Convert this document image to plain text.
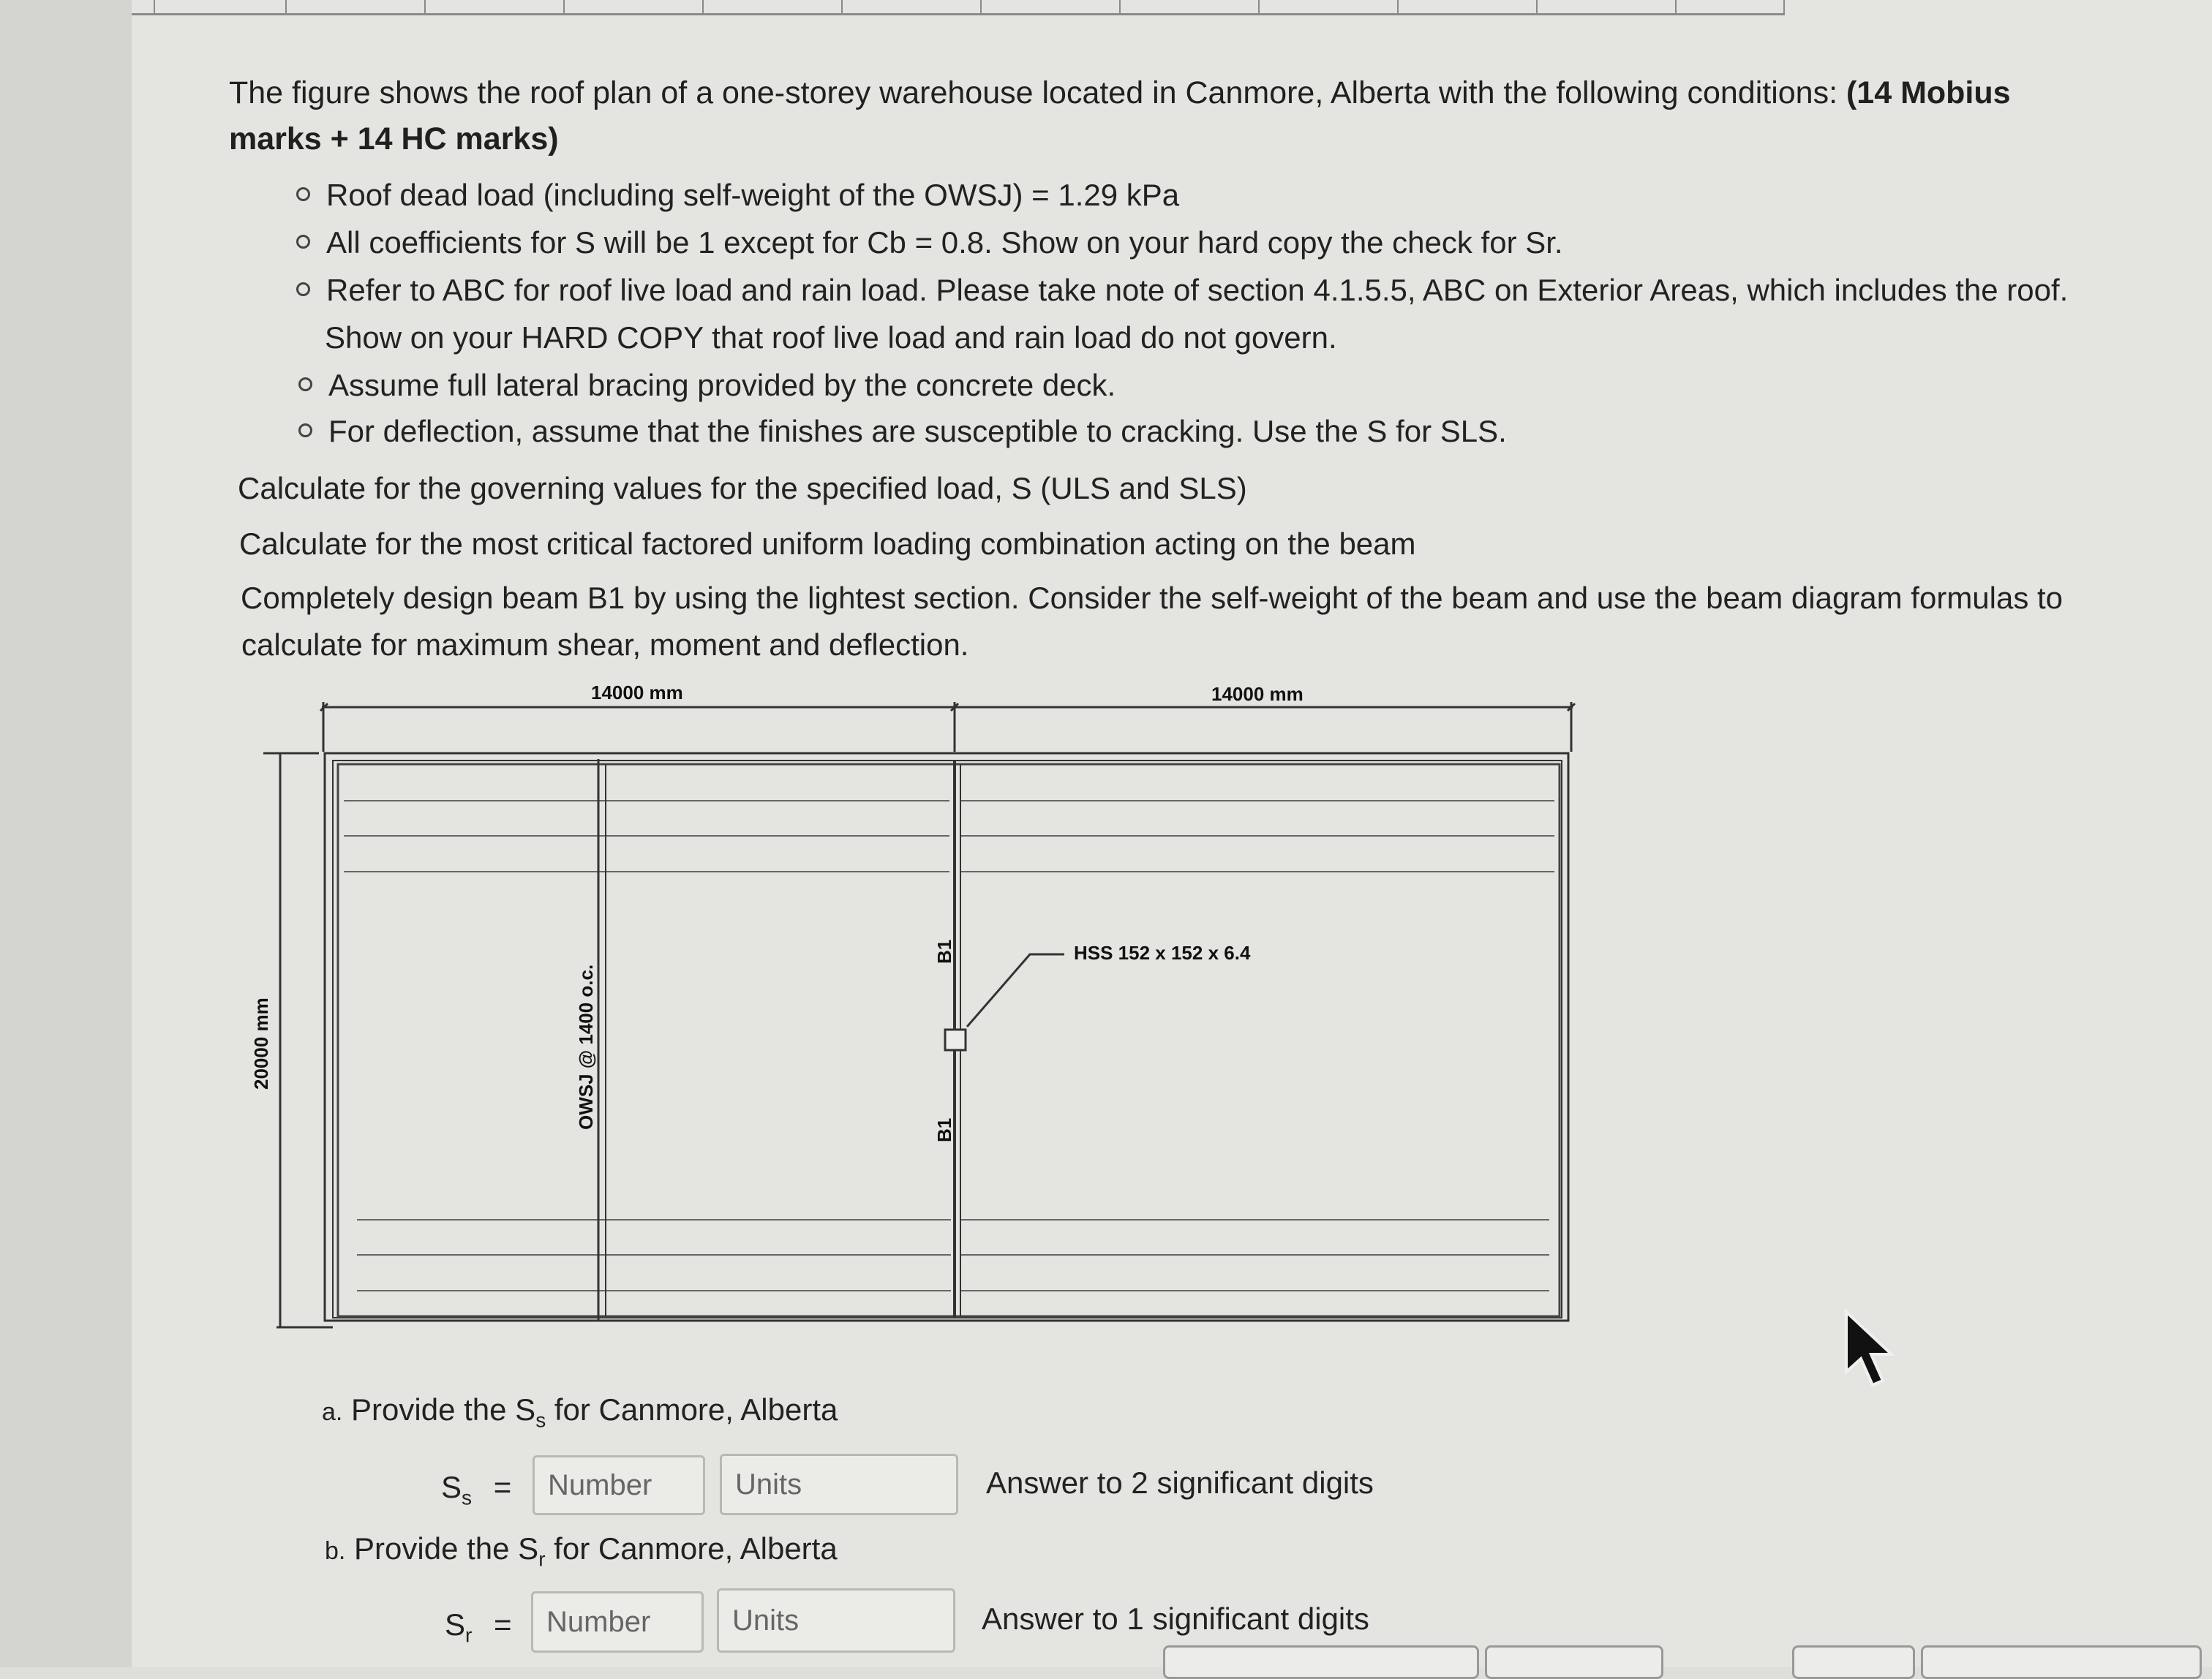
The figure shows the roof plan of a one-storey warehouse located in Canmore, Alberta with the following conditions: (14 Mobius
marks + 14 HC marks)
Roof dead load (including self-weight of the OWSJ) = 1.29 kPa
All coefficients for S will be 1 except for Cb = 0.8. Show on your hard copy the check for Sr.
Refer to ABC for roof live load and rain load. Please take note of section 4.1.5.5, ABC on Exterior Areas, which includes the roof.
Show on your HARD COPY that roof live load and rain load do not govern.
Assume full lateral bracing provided by the concrete deck.
For deflection, assume that the finishes are susceptible to cracking. Use the S for SLS.
Calculate for the governing values for the specified load, S (ULS and SLS)
Calculate for the most critical factored uniform loading combination acting on the beam
Completely design beam B1 by using the lightest section. Consider the self-weight of the beam and use the beam diagram formulas to
calculate for maximum shear, moment and deflection.
14000 mm	14000 mm
20000 mm	OWSJ @ 1400 o.c.
B1
B1
HSS 152 x 152 x 6.4
a. Provide the $S_s$ for Canmore, Alberta
$S_s$ =
Number
Units	Answer to 2 significant digits
b. Provide the $S_r$ for Canmore, Alberta
$S_r$ =
Number
Units	Answer to 1 significant digits
